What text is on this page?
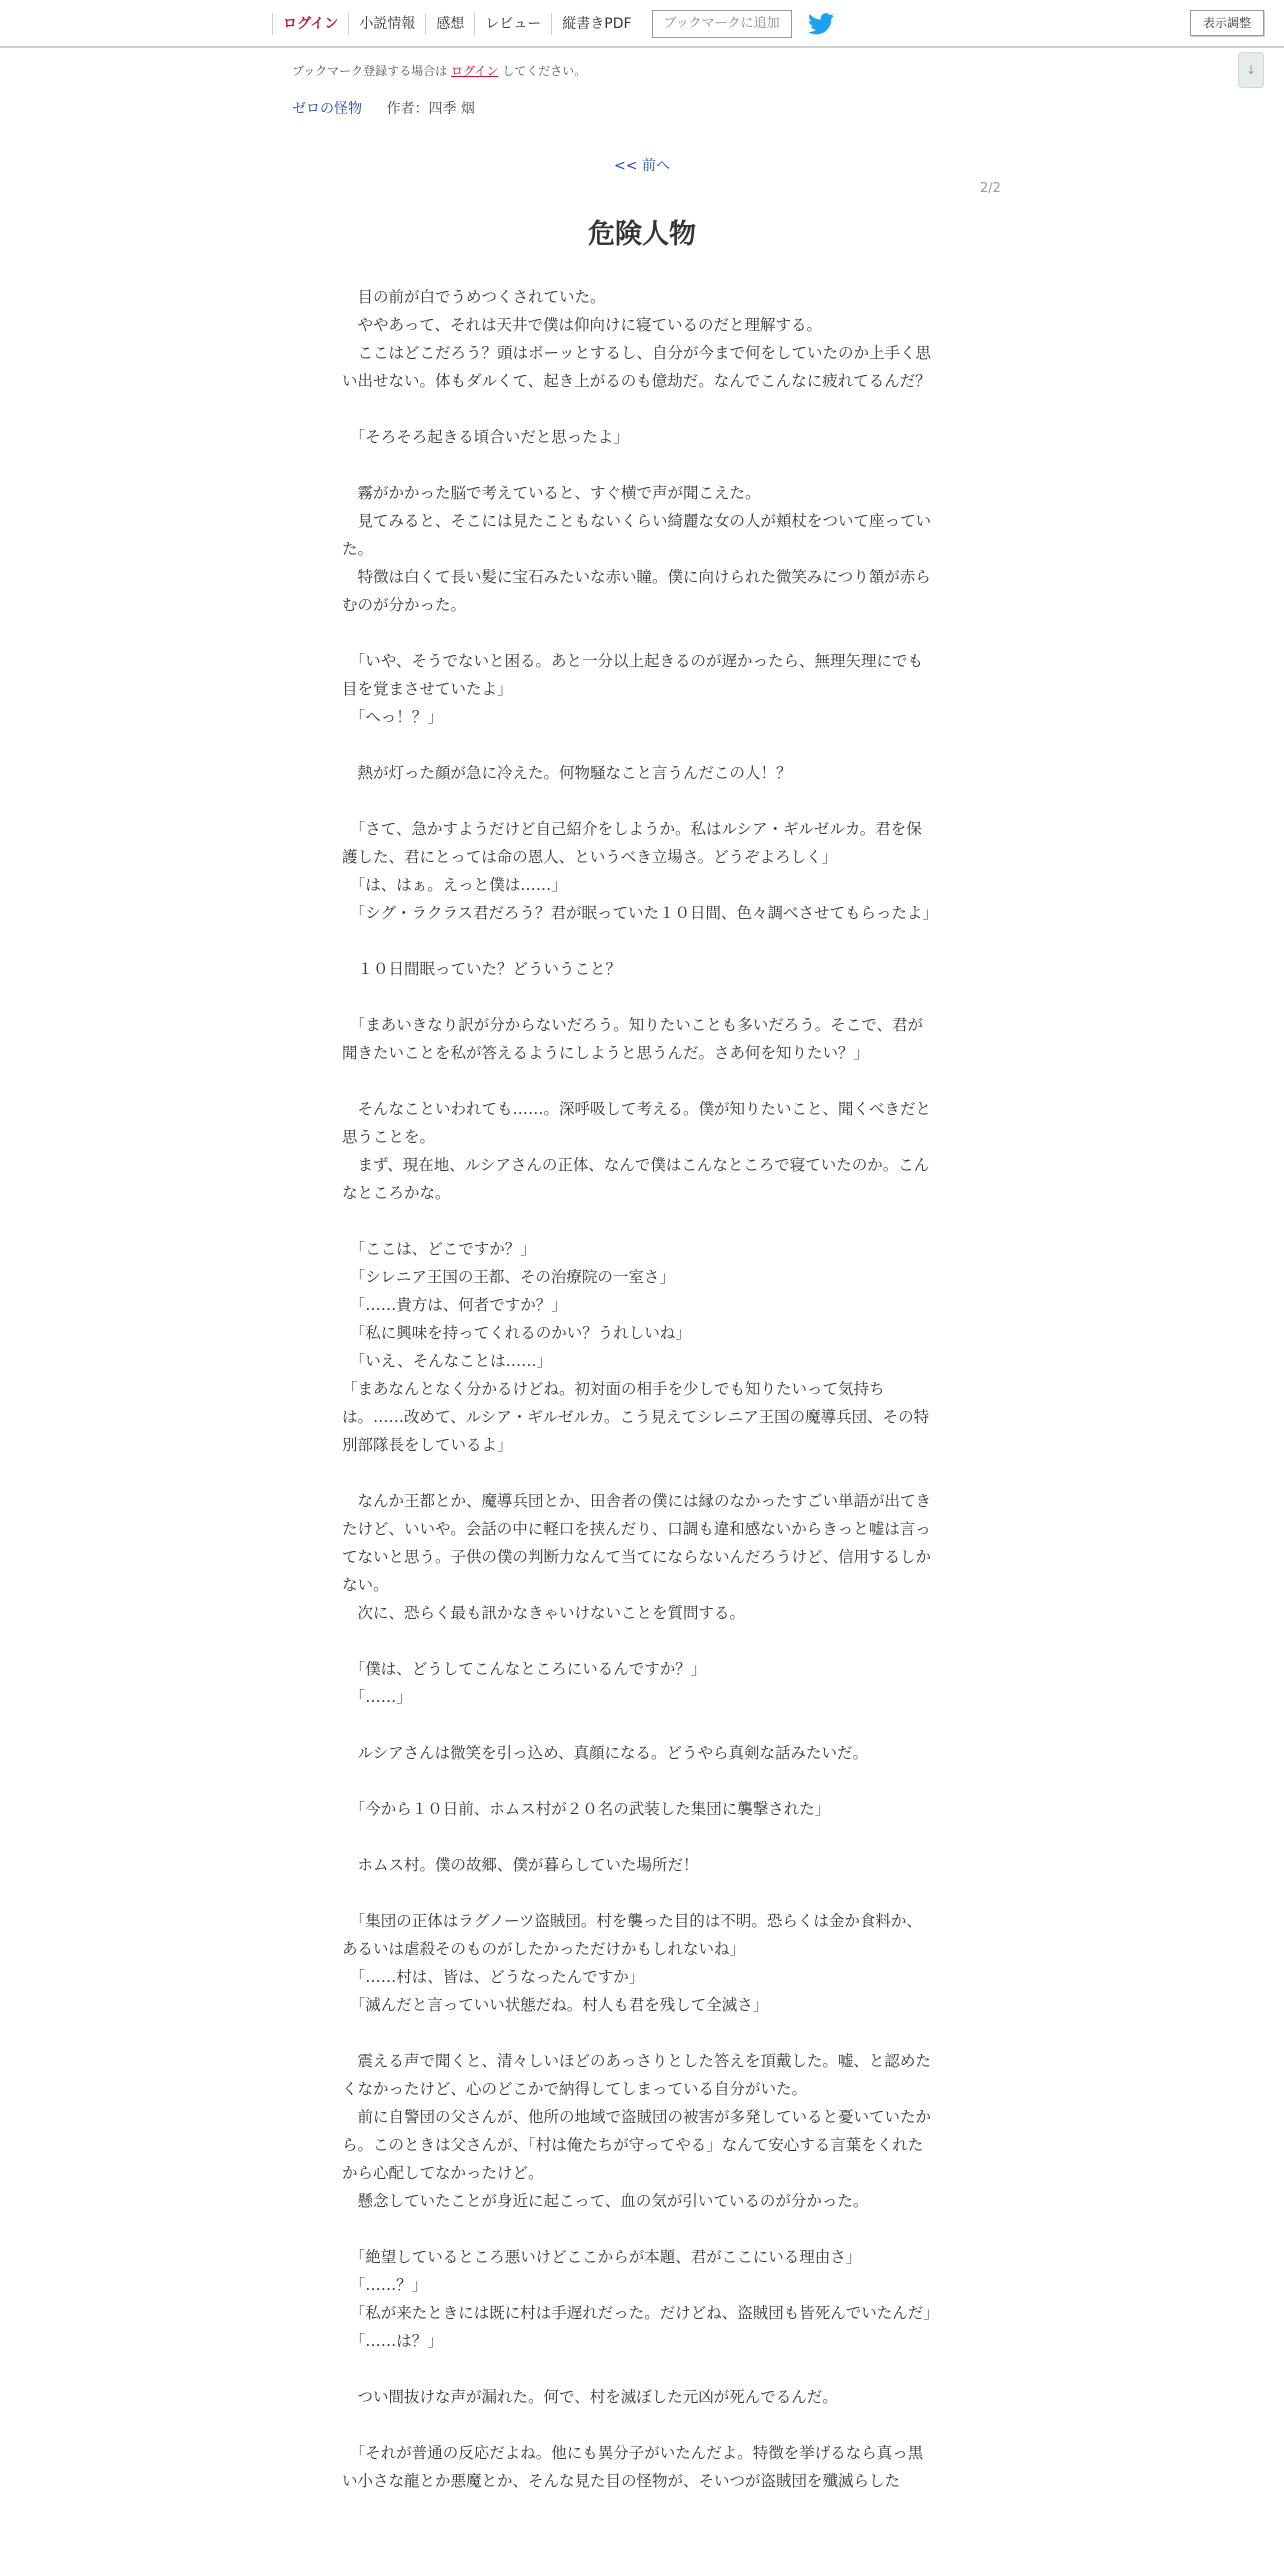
ログイン	小説情報	感想	レビュー	縦書きPDF	ブックマークに追加	表示調整
↓
ブックマーク登録する場合は ログイン してください。
ゼロの怪物 作者：四季 烟
<< 前へ
2/2
危険人物

　目の前が白でうめつくされていた。

　ややあって、それは天井で僕は仰向けに寝ているのだと理解する。

　ここはどこだろう？頭はボーッとするし、自分が今まで何をしていたのか上手く思い出せない。体もダルくて、起き上がるのも億劫だ。なんでこんなに疲れてるんだ？

　「そろそろ起きる頃合いだと思ったよ」

　霧がかかった脳で考えていると、すぐ横で声が聞こえた。

　見てみると、そこには見たこともないくらい綺麗な女の人が頬杖をついて座っていた。

　特徴は白くて長い髪に宝石みたいな赤い瞳。僕に向けられた微笑みにつり頷が赤らむのが分かった。

　「いや、そうでないと困る。あと一分以上起きるのが遅かったら、無理矢理にでも目を覚まさせていたよ」

　「へっ！？」

　熱が灯った顔が急に冷えた。何物騒なこと言うんだこの人！？

　「さて、急かすようだけど自己紹介をしようか。私はルシア・ギルゼルカ。君を保護した、君にとっては命の恩人、というべき立場さ。どうぞよろしく」

　「は、はぁ。えっと僕は……」

　「シグ・ラクラス君だろう？君が眠っていた１０日間、色々調べさせてもらったよ」

　１０日間眠っていた？どういうこと？

　「まあいきなり訳が分からないだろう。知りたいことも多いだろう。そこで、君が聞きたいことを私が答えるようにしようと思うんだ。さあ何を知りたい？」

　そんなこといわれても……。深呼吸して考える。僕が知りたいこと、聞くべきだと思うことを。

　まず、現在地、ルシアさんの正体、なんで僕はこんなところで寝ていたのか。こんなところかな。

　「ここは、どこですか？」

　「シレニア王国の王都、その治療院の一室さ」

　「……貴方は、何者ですか？」

　「私に興味を持ってくれるのかい？うれしいね」

　「いえ、そんなことは……」

「まあなんとなく分かるけどね。初対面の相手を少しでも知りたいって気持ちは。……改めて、ルシア・ギルゼルカ。こう見えてシレニア王国の魔導兵団、その特別部隊長をしているよ」

　なんか王都とか、魔導兵団とか、田舎者の僕には縁のなかったすごい単語が出てきたけど、いいや。会話の中に軽口を挟んだり、口調も違和感ないからきっと嘘は言ってないと思う。子供の僕の判断力なんて当てにならないんだろうけど、信用するしかない。

　次に、恐らく最も訊かなきゃいけないことを質問する。

　「僕は、どうしてこんなところにいるんですか？」

　「……」

　ルシアさんは微笑を引っ込め、真顔になる。どうやら真剣な話みたいだ。

　「今から１０日前、ホムス村が２０名の武装した集団に襲撃された」

　ホムス村。僕の故郷、僕が暮らしていた場所だ！

　「集団の正体はラグノーツ盗賊団。村を襲った目的は不明。恐らくは金か食料か、あるいは虐殺そのものがしたかっただけかもしれないね」

　「……村は、皆は、どうなったんですか」

　「滅んだと言っていい状態だね。村人も君を残して全滅さ」

　震える声で聞くと、清々しいほどのあっさりとした答えを頂戴した。嘘、と認めたくなかったけど、心のどこかで納得してしまっている自分がいた。

　前に自警団の父さんが、他所の地域で盗賊団の被害が多発していると憂いていたから。このときは父さんが、「村は俺たちが守ってやる」なんて安心する言葉をくれたから心配してなかったけど。

　懸念していたことが身近に起こって、血の気が引いているのが分かった。

　「絶望しているところ悪いけどここからが本題、君がここにいる理由さ」

　「……？」

　「私が来たときには既に村は手遅れだった。だけどね、盗賊団も皆死んでいたんだ」

　「……は？」

　つい間抜けな声が漏れた。何で、村を滅ぼした元凶が死んでるんだ。

　「それが普通の反応だよね。他にも異分子がいたんだよ。特徴を挙げるなら真っ黒い小さな龍とか悪魔とか、そんな見た目の怪物が、そいつが盗賊団を殲滅らした
